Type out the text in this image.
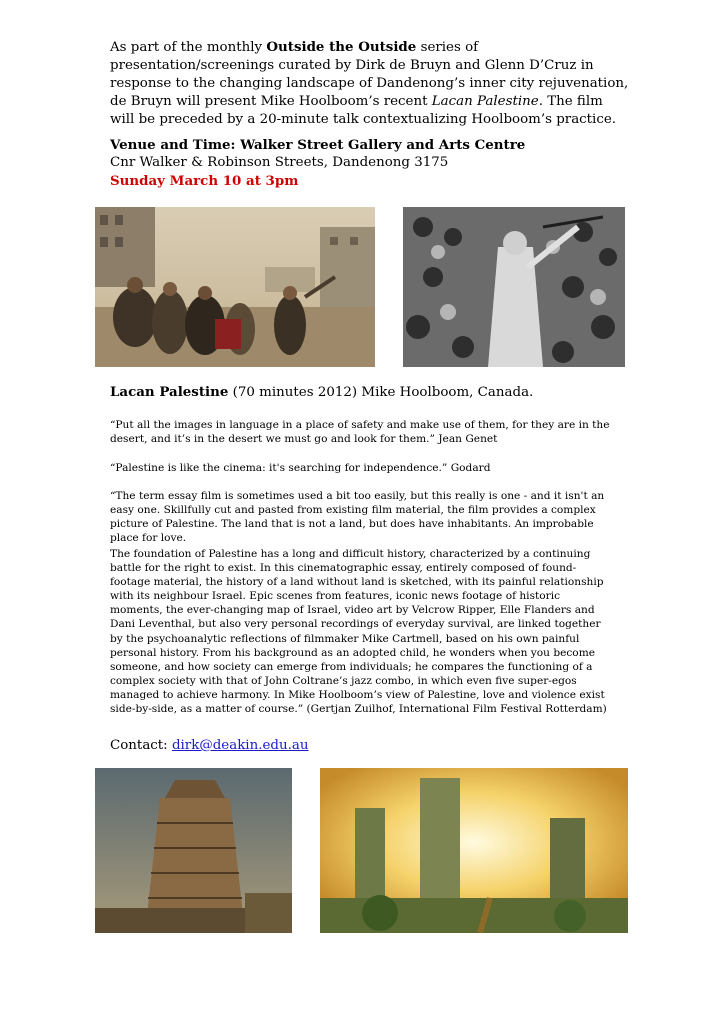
As part of the monthly Outside the Outside series of presentation/screenings curated by Dirk de Bruyn and Glenn D’Cruz in response to the changing landscape of Dandenong’s inner city rejuvenation, de Bruyn will present Mike Hoolboom’s recent Lacan Palestine. The film will be preceded by a 20-minute talk contextualizing Hoolboom’s practice.

Venue and Time: Walker Street Gallery and Arts Centre
Cnr Walker & Robinson Streets, Dandenong 3175
Sunday March 10 at 3pm
Lacan Palestine (70 minutes 2012) Mike Hoolboom, Canada.

“Put all the images in language in a place of safety and make use of them, for they are in the desert, and it’s in the desert we must go and look for them.” Jean Genet

“Palestine is like the cinema: it's searching for independence.” Godard

“The term essay film is sometimes used a bit too easily, but this really is one - and it isn't an easy one. Skillfully cut and pasted from existing film material, the film provides a complex picture of Palestine. The land that is not a land, but does have inhabitants. An improbable place for love.

The foundation of Palestine has a long and difficult history, characterized by a continuing battle for the right to exist. In this cinematographic essay, entirely composed of found-footage material, the history of a land without land is sketched, with its painful relationship with its neighbour Israel. Epic scenes from features, iconic news footage of historic moments, the ever-changing map of Israel, video art by Velcrow Ripper, Elle Flanders and Dani Leventhal, but also very personal recordings of everyday survival, are linked together by the psychoanalytic reflections of filmmaker Mike Cartmell, based on his own painful personal history. From his background as an adopted child, he wonders when you become someone, and how society can emerge from individuals; he compares the functioning of a complex society with that of John Coltrane’s jazz combo, in which even five super-egos managed to achieve harmony. In Mike Hoolboom’s view of Palestine, love and violence exist side-by-side, as a matter of course.” (Gertjan Zuilhof, International Film Festival Rotterdam)

Contact: dirk@deakin.edu.au
